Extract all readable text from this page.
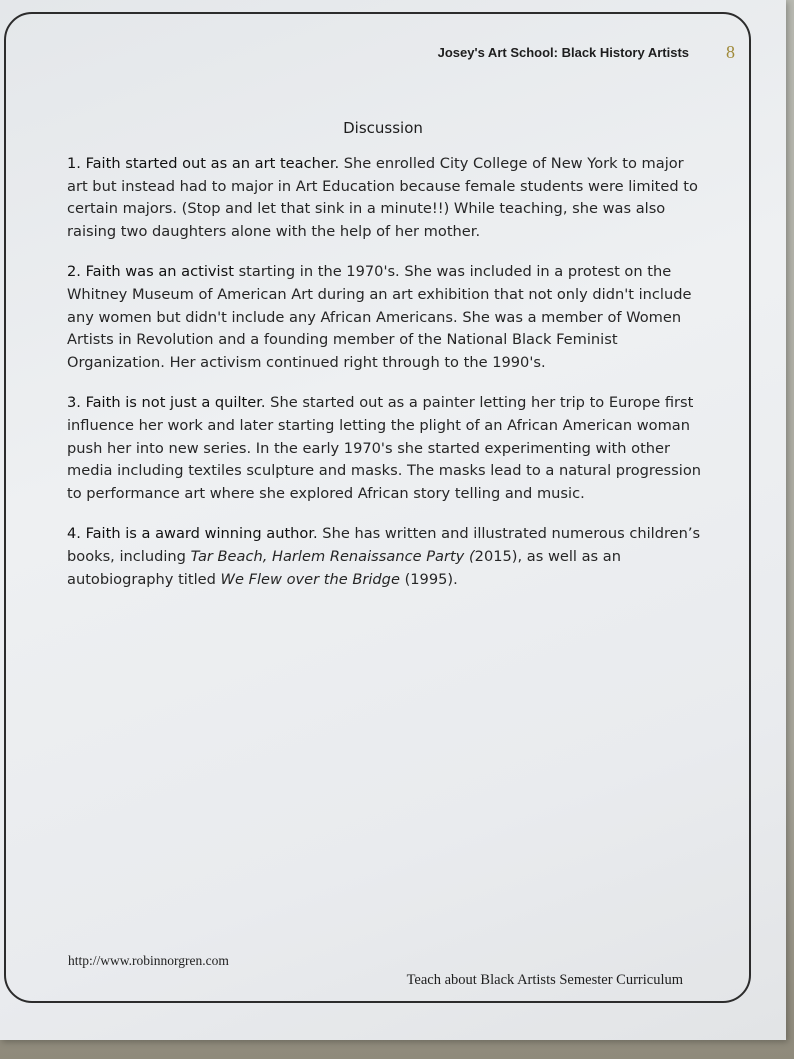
Josey's Art School: Black History Artists 8
Discussion

1. Faith started out as an art teacher. She enrolled City College of New York to major art but instead had to major in Art Education because female students were limited to certain majors. (Stop and let that sink in a minute!!) While teaching, she was also raising two daughters alone with the help of her mother.

2. Faith was an activist starting in the 1970's. She was included in a protest on the Whitney Museum of American Art during an art exhibition that not only didn't include any women but didn't include any African Americans. She was a member of Women Artists in Revolution and a founding member of the National Black Feminist Organization. Her activism continued right through to the 1990's.

3. Faith is not just a quilter. She started out as a painter letting her trip to Europe first influence her work and later starting letting the plight of an African American woman push her into new series. In the early 1970's she started experimenting with other media including textiles sculpture and masks. The masks lead to a natural progression to performance art where she explored African story telling and music.

4. Faith is a award winning author. She has written and illustrated numerous children’s books, including Tar Beach, Harlem Renaissance Party (2015), as well as an autobiography titled We Flew over the Bridge (1995).

http://www.robinnorgren.com
Teach about Black Artists Semester Curriculum
